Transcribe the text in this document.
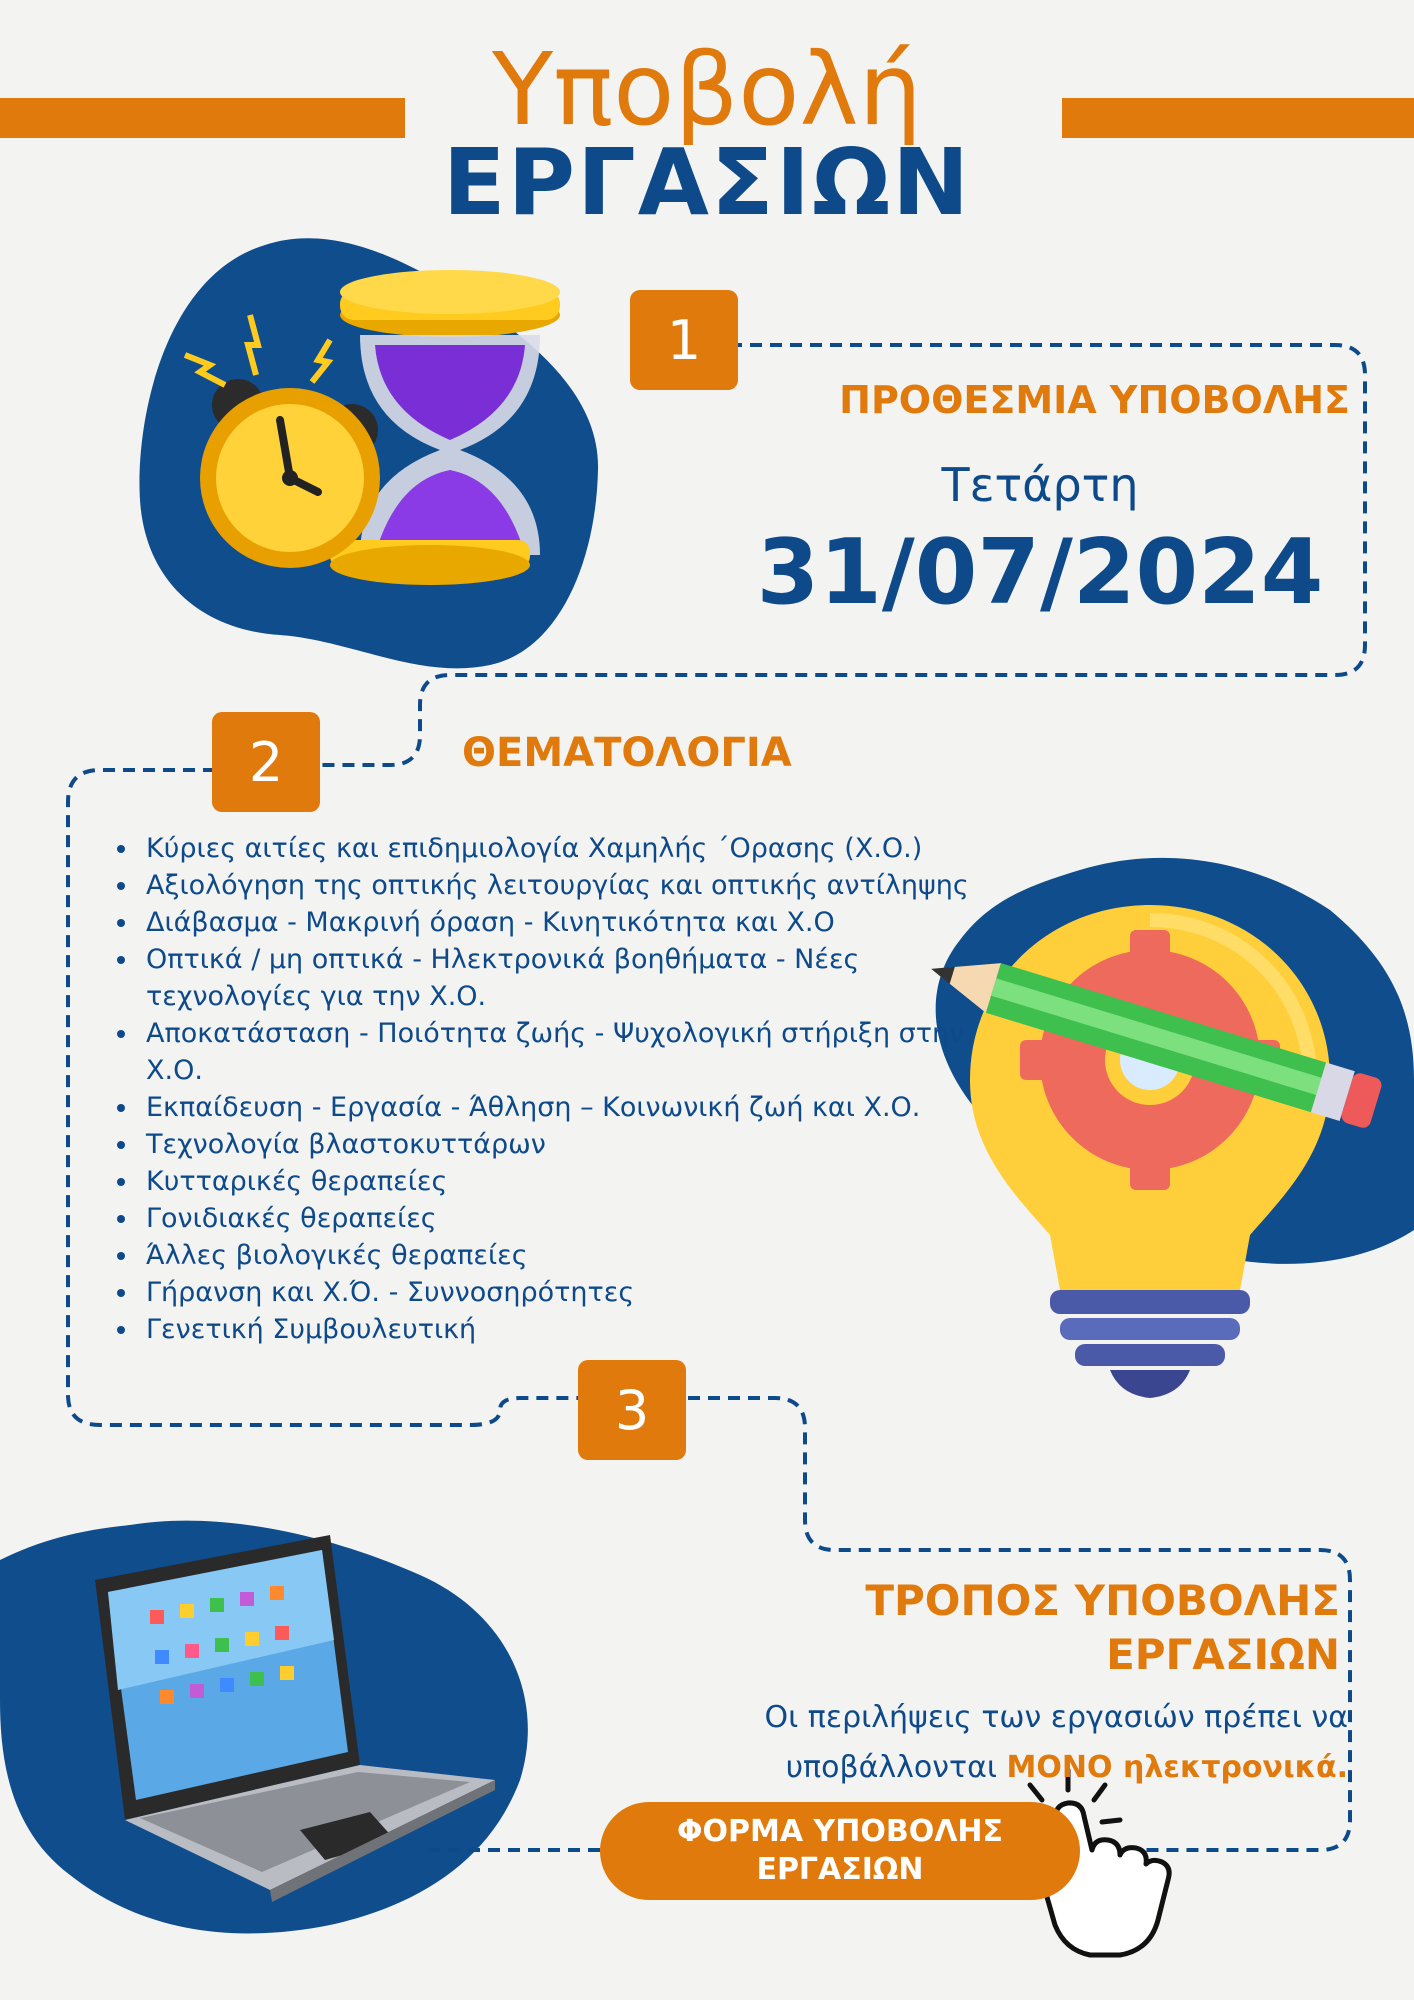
Υποβολή
ΕΡΓΑΣΙΩΝ
1
ΠΡΟΘΕΣΜΙΑ ΥΠΟΒΟΛΗΣ
Τετάρτη
31/07/2024
2	ΘΕΜΑΤΟΛΟΓΙΑ
• Κύριες αιτίες και επιδημιολογία Χαμηλής ΄Ορασης (Χ.Ο.)
• Αξιολόγηση της οπτικής λειτουργίας και οπτικής αντίληψης
• Διάβασμα - Μακρινή όραση - Κινητικότητα και Χ.Ο
• Οπτικά / μη οπτικά - Ηλεκτρονικά βοηθήματα - Νέες τεχνολογίες για την Χ.Ο.
• Αποκατάσταση - Ποιότητα ζωής - Ψυχολογική στήριξη στην Χ.Ο.
• Εκπαίδευση - Εργασία - Άθληση – Κοινωνική ζωή και Χ.Ο.
• Τεχνολογία βλαστοκυττάρων
• Κυτταρικές θεραπείες
• Γονιδιακές θεραπείες
• Άλλες βιολογικές θεραπείες
• Γήρανση και Χ.Ό. - Συννοσηρότητες
• Γενετική Συμβουλευτική
3
ΤΡΟΠΟΣ ΥΠΟΒΟΛΗΣ
ΕΡΓΑΣΙΩΝ
Οι περιλήψεις των εργασιών πρέπει να
υποβάλλονται ΜΟΝΟ ηλεκτρονικά.
ΦΟΡΜΑ ΥΠΟΒΟΛΗΣ
ΕΡΓΑΣΙΩΝ
